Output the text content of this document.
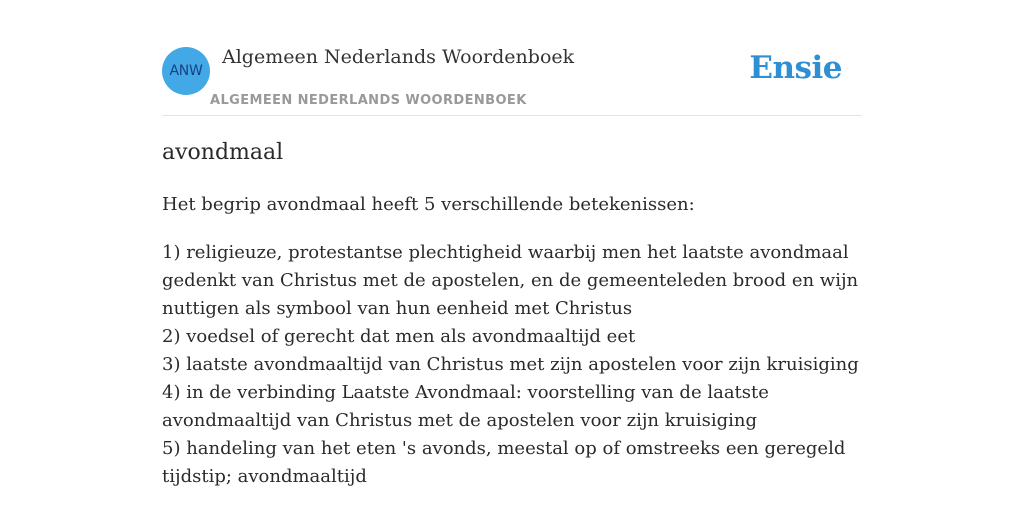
ANW
Algemeen Nederlands Woordenboek
ALGEMEEN NEDERLANDS WOORDENBOEK
Ensie
avondmaal

Het begrip avondmaal heeft 5 verschillende betekenissen:

1) religieuze, protestantse plechtigheid waarbij men het laatste avondmaal gedenkt van Christus met de apostelen, en de gemeenteleden brood en wijn nuttigen als symbool van hun eenheid met Christus
2) voedsel of gerecht dat men als avondmaaltijd eet
3) laatste avondmaaltijd van Christus met zijn apostelen voor zijn kruisiging
4) in de verbinding Laatste Avondmaal: voorstelling van de laatste avondmaaltijd van Christus met de apostelen voor zijn kruisiging
5) handeling van het eten 's avonds, meestal op of omstreeks een geregeld tijdstip; avondmaaltijd
